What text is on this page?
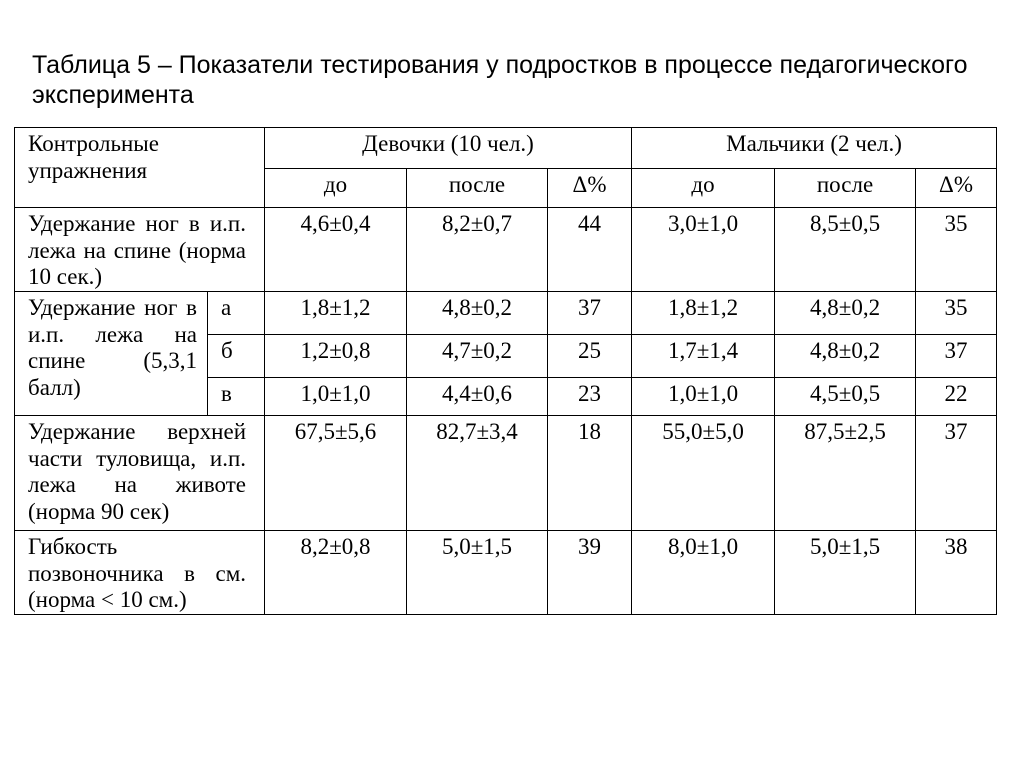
Таблица 5 – Показатели тестирования у подростков в процессе педагогического эксперимента
Контрольные упражнения		Девочки (10 чел.)			Мальчики (2 чел.)		
		до	после	Δ%	до	после	Δ%
Удержание ног в и.п. лежа на спине (норма 10 сек.)		4,6±0,4	8,2±0,7	44	3,0±1,0	8,5±0,5	35
Удержание ног в и.п. лежа на спине (5,3,1 балл)	а	1,8±1,2	4,8±0,2	37	1,8±1,2	4,8±0,2	35
	б	1,2±0,8	4,7±0,2	25	1,7±1,4	4,8±0,2	37
	в	1,0±1,0	4,4±0,6	23	1,0±1,0	4,5±0,5	22
Удержание верхней части туловища, и.п. лежа на животе (норма 90 сек)		67,5±5,6	82,7±3,4	18	55,0±5,0	87,5±2,5	37
Гибкость позвоночника в см. (норма < 10 см.)		8,2±0,8	5,0±1,5	39	8,0±1,0	5,0±1,5	38
